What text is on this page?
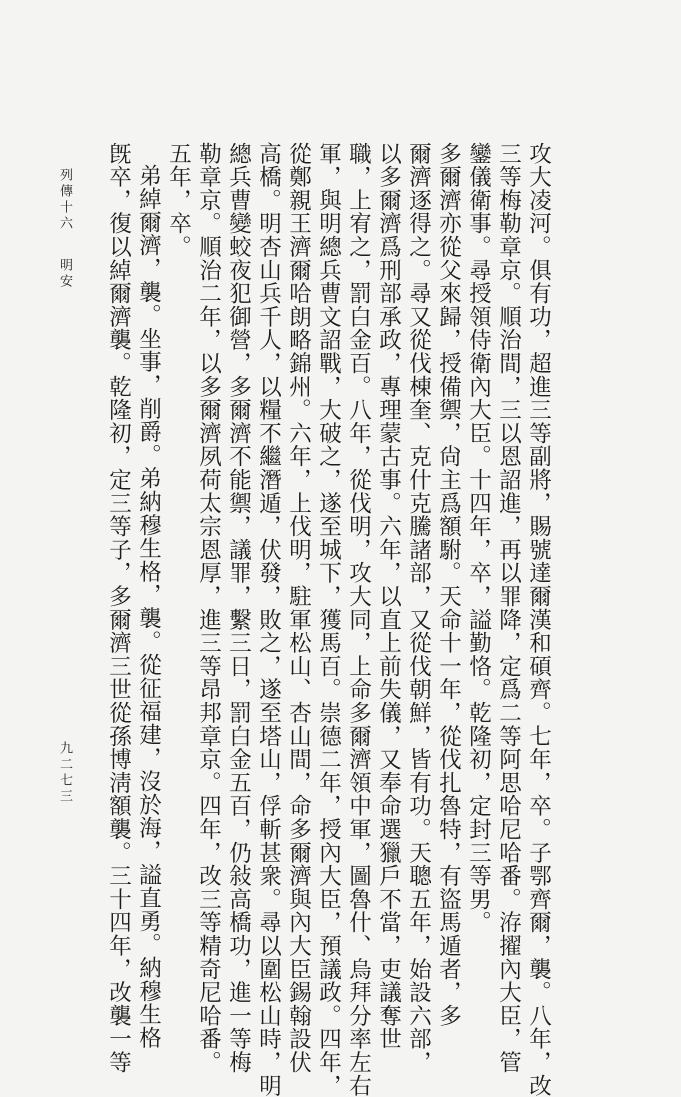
攻大凌河。俱有功，超進三等副將，賜號達爾漢和碩齊。七年，卒。子鄂齊爾，襲。八年，改
三等梅勒章京。順治間，三以恩詔進，再以罪降，定爲二等阿思哈尼哈番。洊擢內大臣，管
鑾儀衛事。尋授領侍衛內大臣。十四年，卒，謚勤恪。乾隆初，定封三等男。
多爾濟亦從父來歸，授備禦，尙主爲額駙。天命十一年，從伐扎魯特，有盜馬遁者，多
爾濟逐得之。尋又從伐棟奎、克什克騰諸部，又從伐朝鮮，皆有功。天聰五年，始設六部，
以多爾濟爲刑部承政，專理蒙古事。六年，以直上前失儀，又奉命選獵戶不當，吏議奪世
職，上宥之，罰白金百。八年，從伐明，攻大同，上命多爾濟領中軍，圖魯什、烏拜分率左右
軍，與明總兵曹文詔戰，大破之，遂至城下，獲馬百。崇德二年，授內大臣，預議政。四年，
從鄭親王濟爾哈朗略錦州。六年，上伐明，駐軍松山、杏山間，命多爾濟與內大臣錫翰設伏
高橋。明杏山兵千人，以糧不繼潛遁，伏發，敗之，遂至塔山，俘斬甚衆。尋以圍松山時，明
總兵曹變蛟夜犯御營，多爾濟不能禦，議罪，繫三日，罰白金五百，仍敍高橋功，進一等梅
勒章京。順治二年，以多爾濟夙荷太宗恩厚，進三等昂邦章京。四年，改三等精奇尼哈番。
五年，卒。
弟綽爾濟，襲。坐事，削爵。弟納穆生格，襲。從征福建，沒於海，謚直勇。納穆生格
旣卒，復以綽爾濟襲。乾隆初，定三等子，多爾濟三世從孫博淸額襲。三十四年，改襲一等
列傳十六明安
九二七三
